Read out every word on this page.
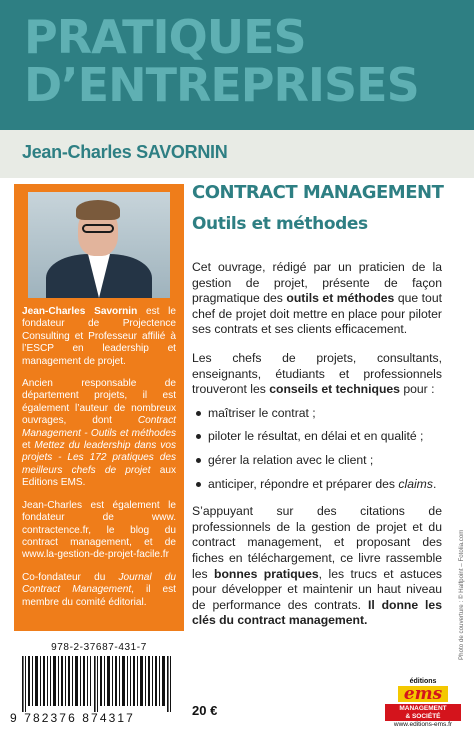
PRATIQUES
D’ENTREPRISES
Jean-Charles SAVORNIN

Jean-Charles Savornin est le fondateur de Projectence Consulting et Professeur affilié à l’ESCP en leadership et management de projet.

Ancien responsable de département projets, il est également l’auteur de nombreux ouvrages, dont Contract Management - Outils et méthodes et Mettez du leadership dans vos projets - Les 172 pratiques des meilleurs chefs de projet aux Editions EMS.

Jean-Charles est également le fondateur de www. contractence.fr, le blog du contract management, et de www.la-gestion-de-projet-facile.fr

Co-fondateur du Journal du Contract Management, il est membre du comité éditorial.

978-2-37687-431-7
9 782376 874317	20 €
CONTRACT MANAGEMENT
Outils et méthodes

Cet ouvrage, rédigé par un praticien de la gestion de projet, présente de façon pragmatique des outils et méthodes que tout chef de projet doit mettre en place pour piloter ses contrats et ses clients efficacement.

Les chefs de projets, consultants, enseignants, étudiants et professionnels trouveront les conseils et techniques pour :

maîtriser le contrat ;
piloter le résultat, en délai et en qualité ;
gérer la relation avec le client ;
anticiper, répondre et préparer des claims.

S’appuyant sur des citations de professionnels de la gestion de projet et du contract management, et proposant des fiches en téléchargement, ce livre rassemble les bonnes pratiques, les trucs et astuces pour développer et maintenir un haut niveau de performance des contrats. Il donne les clés du contract management.	Photo de couverture : © Halfpoint – Fotolia.com
éditions
ems
MANAGEMENT
& SOCIÉTÉ
www.editions-ems.fr
